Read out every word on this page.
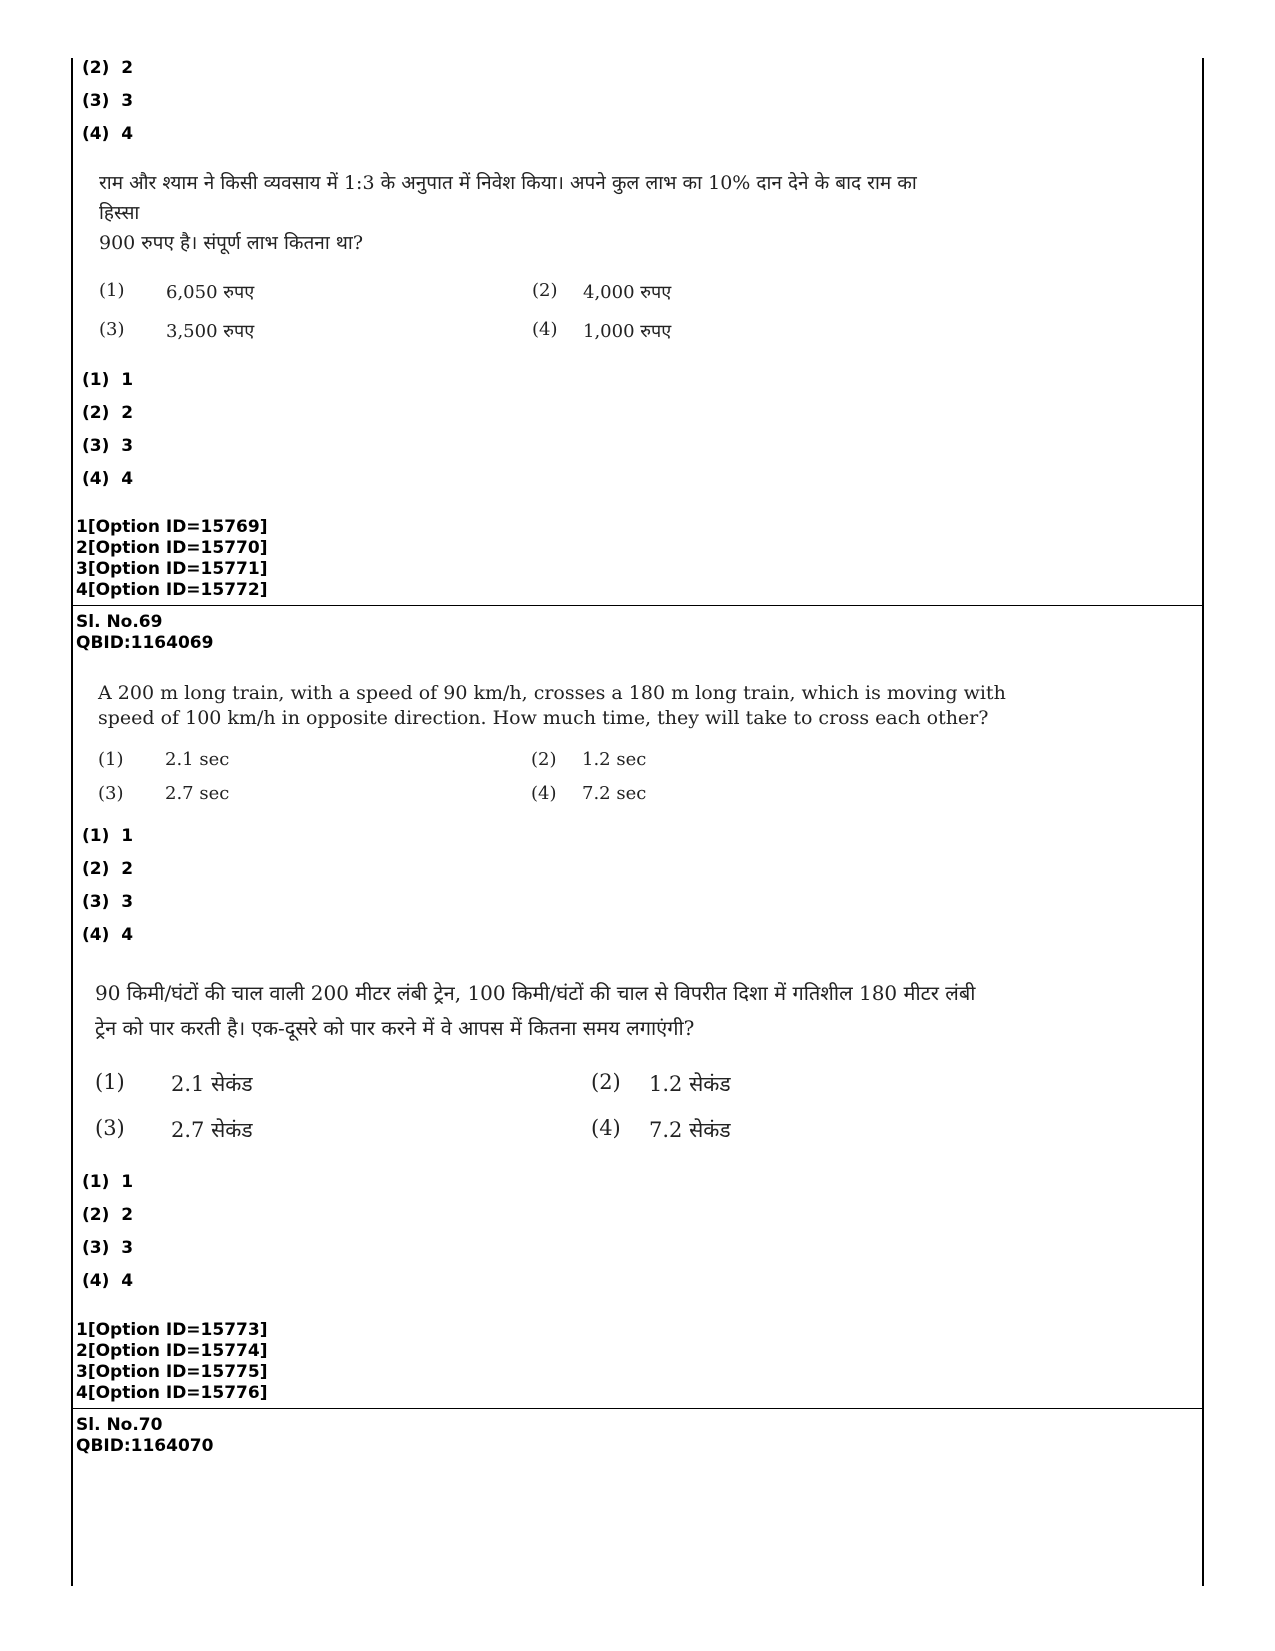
(2) 2
(3) 3
(4) 4
राम और श्याम ने किसी व्यवसाय में 1:3 के अनुपात में निवेश किया। अपने कुल लाभ का 10% दान देने के बाद राम का
हिस्सा
900 रुपए है। संपूर्ण लाभ कितना था?
(1) 6,050 रुपए	(2) 4,000 रुपए
(3) 3,500 रुपए	(4) 1,000 रुपए
(1) 1
(2) 2
(3) 3
(4) 4
1[Option ID=15769]
2[Option ID=15770]
3[Option ID=15771]
4[Option ID=15772]
Sl. No.69
QBID:1164069
A 200 m long train, with a speed of 90 km/h, crosses a 180 m long train, which is moving with
speed of 100 km/h in opposite direction. How much time, they will take to cross each other?
(1) 2.1 sec	(2) 1.2 sec
(3) 2.7 sec	(4) 7.2 sec
(1) 1
(2) 2
(3) 3
(4) 4
90 किमी/घंटों की चाल वाली 200 मीटर लंबी ट्रेन, 100 किमी/घंटों की चाल से विपरीत दिशा में गतिशील 180 मीटर लंबी
ट्रेन को पार करती है। एक-दूसरे को पार करने में वे आपस में कितना समय लगाएंगी?
(1) 2.1 सेकंड	(2) 1.2 सेकंड
(3) 2.7 सेकंड	(4) 7.2 सेकंड
(1) 1
(2) 2
(3) 3
(4) 4
1[Option ID=15773]
2[Option ID=15774]
3[Option ID=15775]
4[Option ID=15776]
Sl. No.70
QBID:1164070
